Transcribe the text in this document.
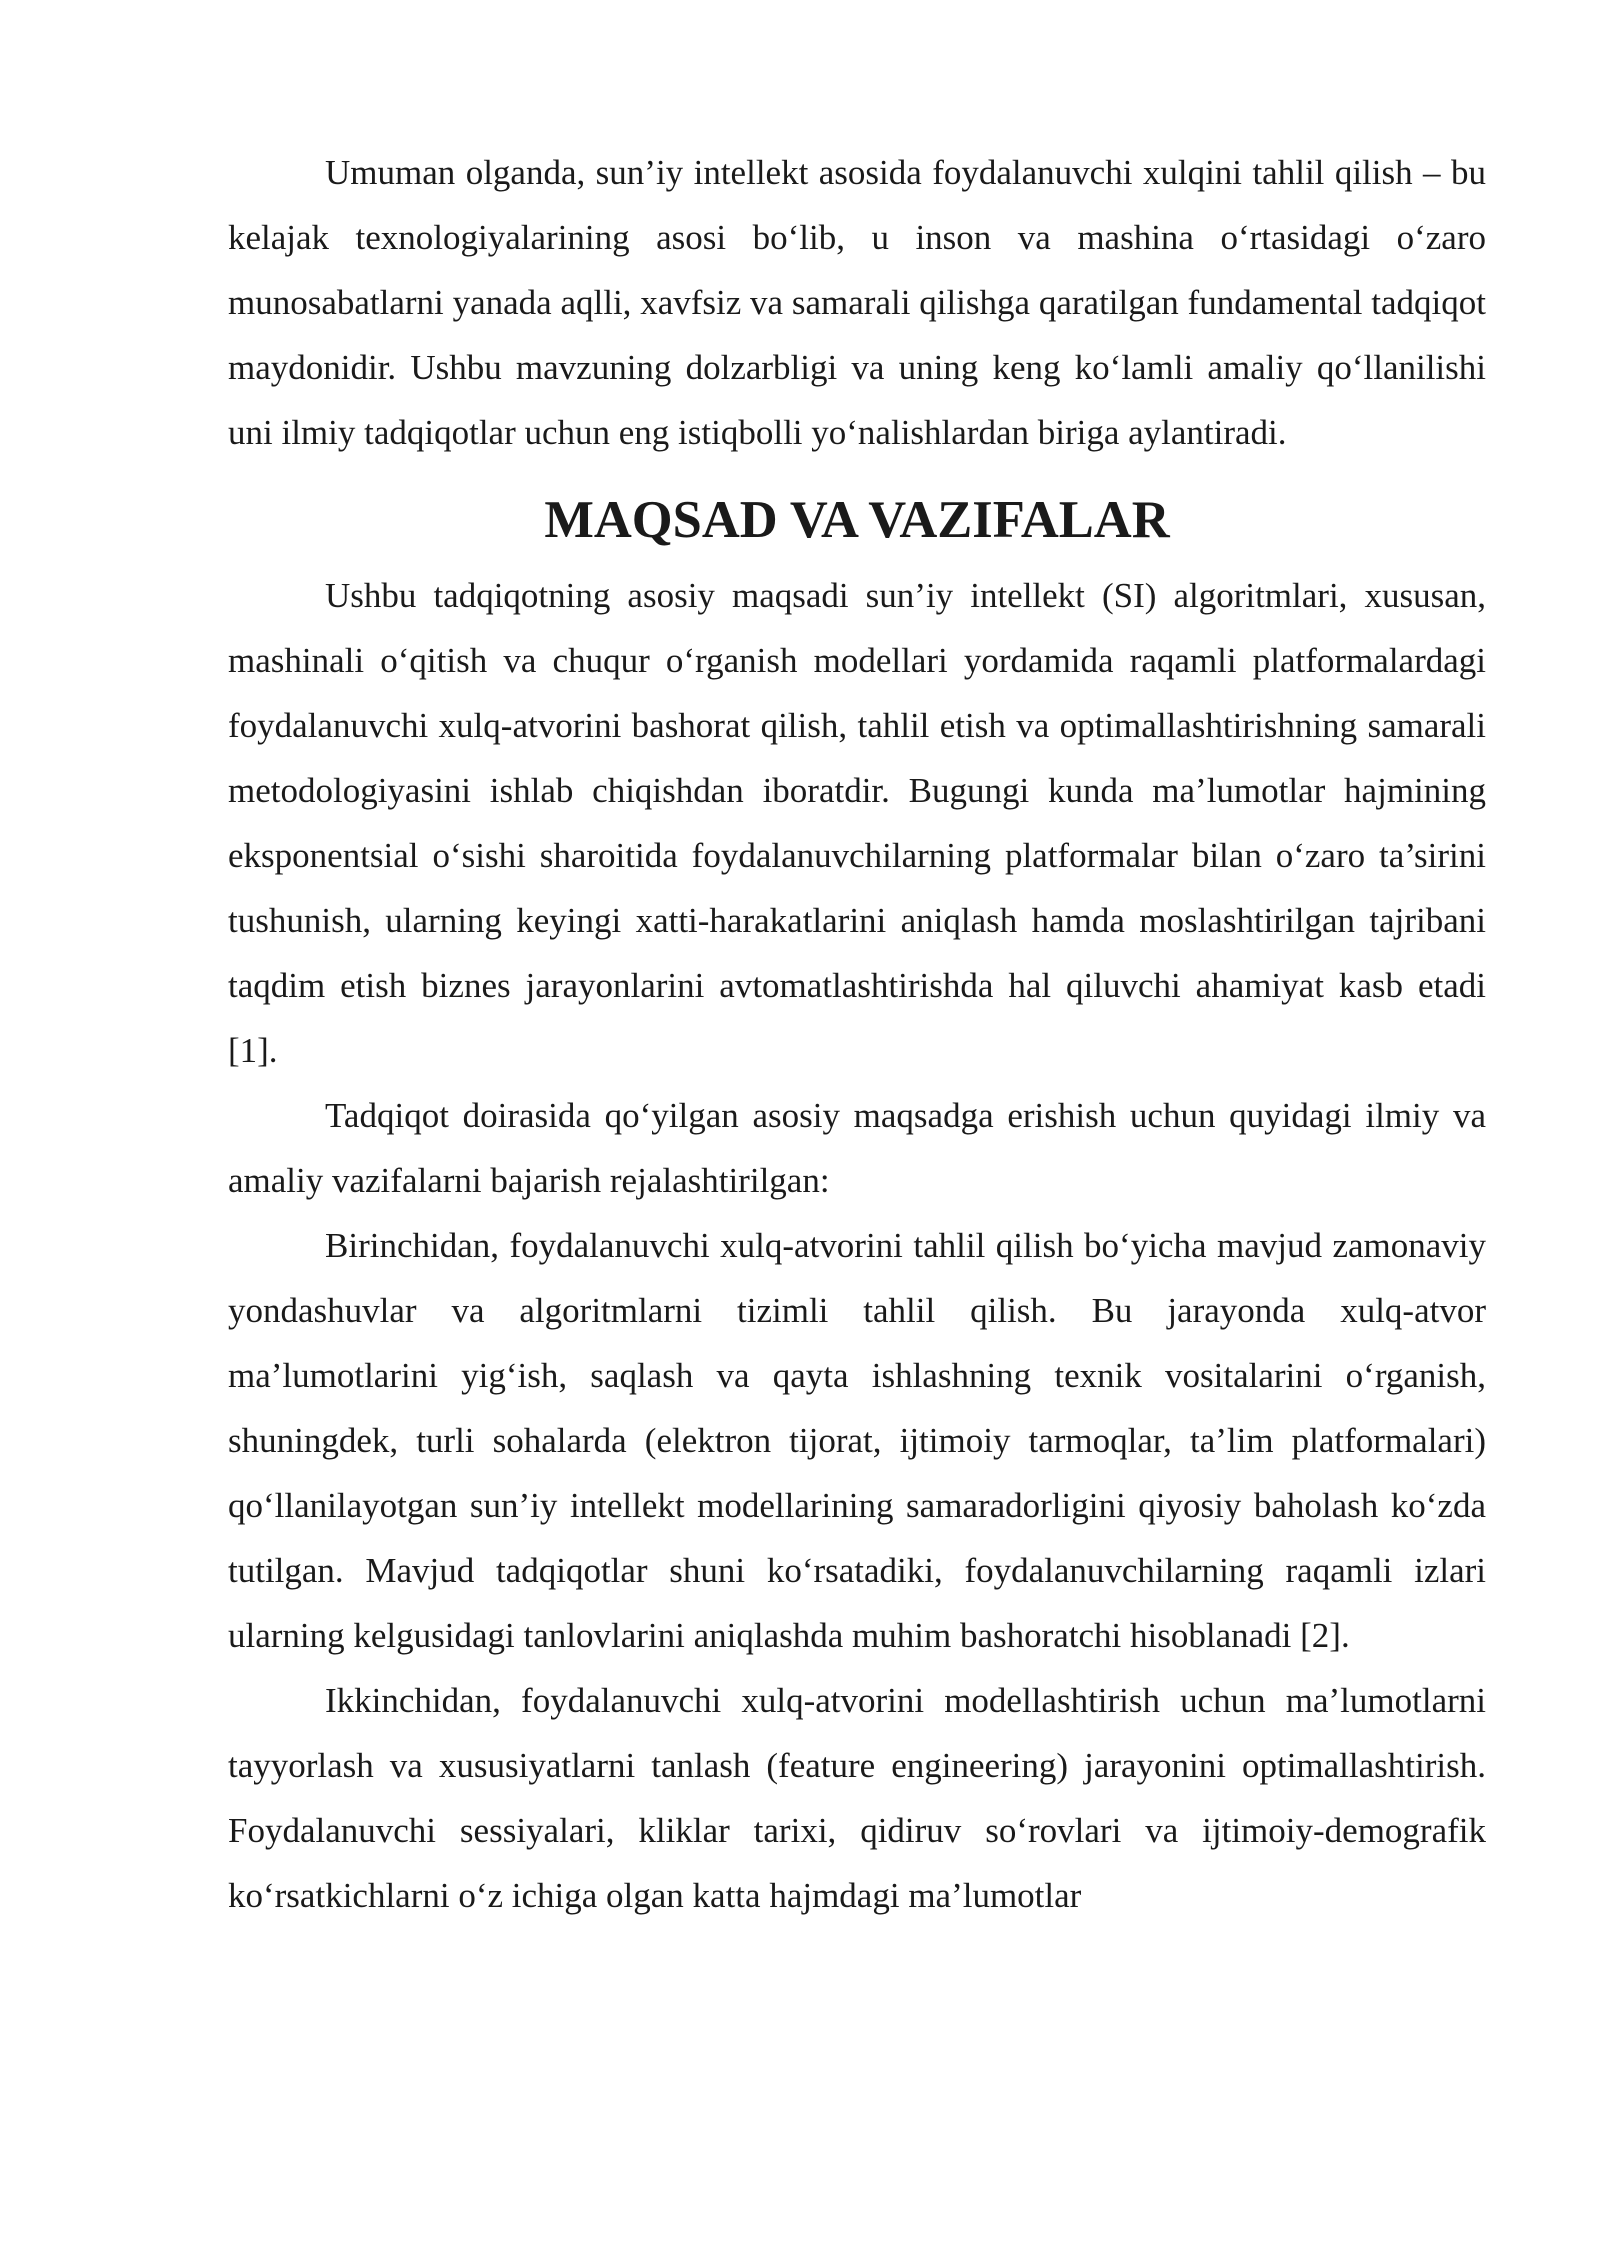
Umuman olganda, sun’iy intellekt asosida foydalanuvchi xulqini tahlil qilish – bu kelajak texnologiyalarining asosi bo‘lib, u inson va mashina o‘rtasidagi o‘zaro munosabatlarni yanada aqlli, xavfsiz va samarali qilishga qaratilgan fundamental tadqiqot maydonidir. Ushbu mavzuning dolzarbligi va uning keng ko‘lamli amaliy qo‘llanilishi uni ilmiy tadqiqotlar uchun eng istiqbolli yo‘nalishlardan biriga aylantiradi.

MAQSAD VA VAZIFALAR

Ushbu tadqiqotning asosiy maqsadi sun’iy intellekt (SI) algoritmlari, xususan, mashinali o‘qitish va chuqur o‘rganish modellari yordamida raqamli platformalardagi foydalanuvchi xulq-atvorini bashorat qilish, tahlil etish va optimallashtirishning samarali metodologiyasini ishlab chiqishdan iboratdir. Bugungi kunda ma’lumotlar hajmining eksponentsial o‘sishi sharoitida foydalanuvchilarning platformalar bilan o‘zaro ta’sirini tushunish, ularning keyingi xatti-harakatlarini aniqlash hamda moslashtirilgan tajribani taqdim etish biznes jarayonlarini avtomatlashtirishda hal qiluvchi ahamiyat kasb etadi [1].

Tadqiqot doirasida qo‘yilgan asosiy maqsadga erishish uchun quyidagi ilmiy va amaliy vazifalarni bajarish rejalashtirilgan:

Birinchidan, foydalanuvchi xulq-atvorini tahlil qilish bo‘yicha mavjud zamonaviy yondashuvlar va algoritmlarni tizimli tahlil qilish. Bu jarayonda xulq-atvor ma’lumotlarini yig‘ish, saqlash va qayta ishlashning texnik vositalarini o‘rganish, shuningdek, turli sohalarda (elektron tijorat, ijtimoiy tarmoqlar, ta’lim platformalari) qo‘llanilayotgan sun’iy intellekt modellarining samaradorligini qiyosiy baholash ko‘zda tutilgan. Mavjud tadqiqotlar shuni ko‘rsatadiki, foydalanuvchilarning raqamli izlari ularning kelgusidagi tanlovlarini aniqlashda muhim bashoratchi hisoblanadi [2].

Ikkinchidan, foydalanuvchi xulq-atvorini modellashtirish uchun ma’lumotlarni tayyorlash va xususiyatlarni tanlash (feature engineering) jarayonini optimallashtirish. Foydalanuvchi sessiyalari, kliklar tarixi, qidiruv so‘rovlari va ijtimoiy-demografik ko‘rsatkichlarni o‘z ichiga olgan katta hajmdagi ma’lumotlar
